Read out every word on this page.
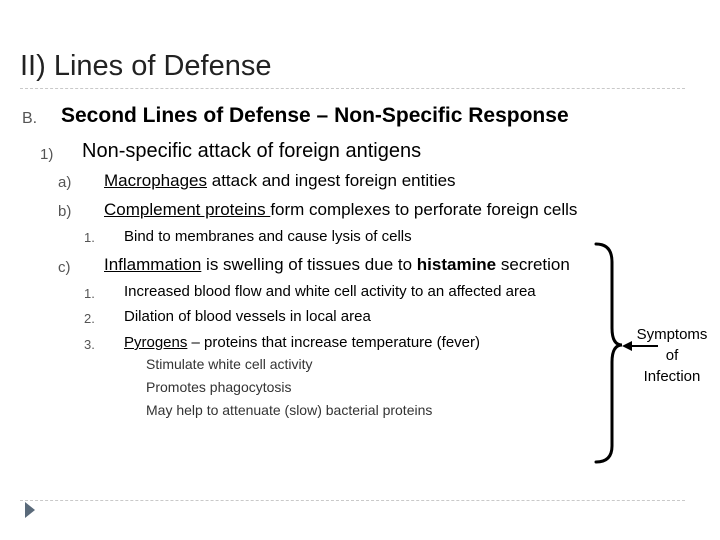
II) Lines of Defense
B. Second Lines of Defense – Non-Specific Response
1) Non-specific attack of foreign antigens
a) Macrophages attack and ingest foreign entities
b) Complement proteins form complexes to perforate foreign cells
1. Bind to membranes and cause lysis of cells
c) Inflammation is swelling of tissues due to histamine secretion
1. Increased blood flow and white cell activity to an affected area
2. Dilation of blood vessels in local area
3. Pyrogens – proteins that increase temperature (fever)
Stimulate white cell activity
Promotes phagocytosis
May help to attenuate (slow) bacterial proteins
Symptoms
of
Infection
